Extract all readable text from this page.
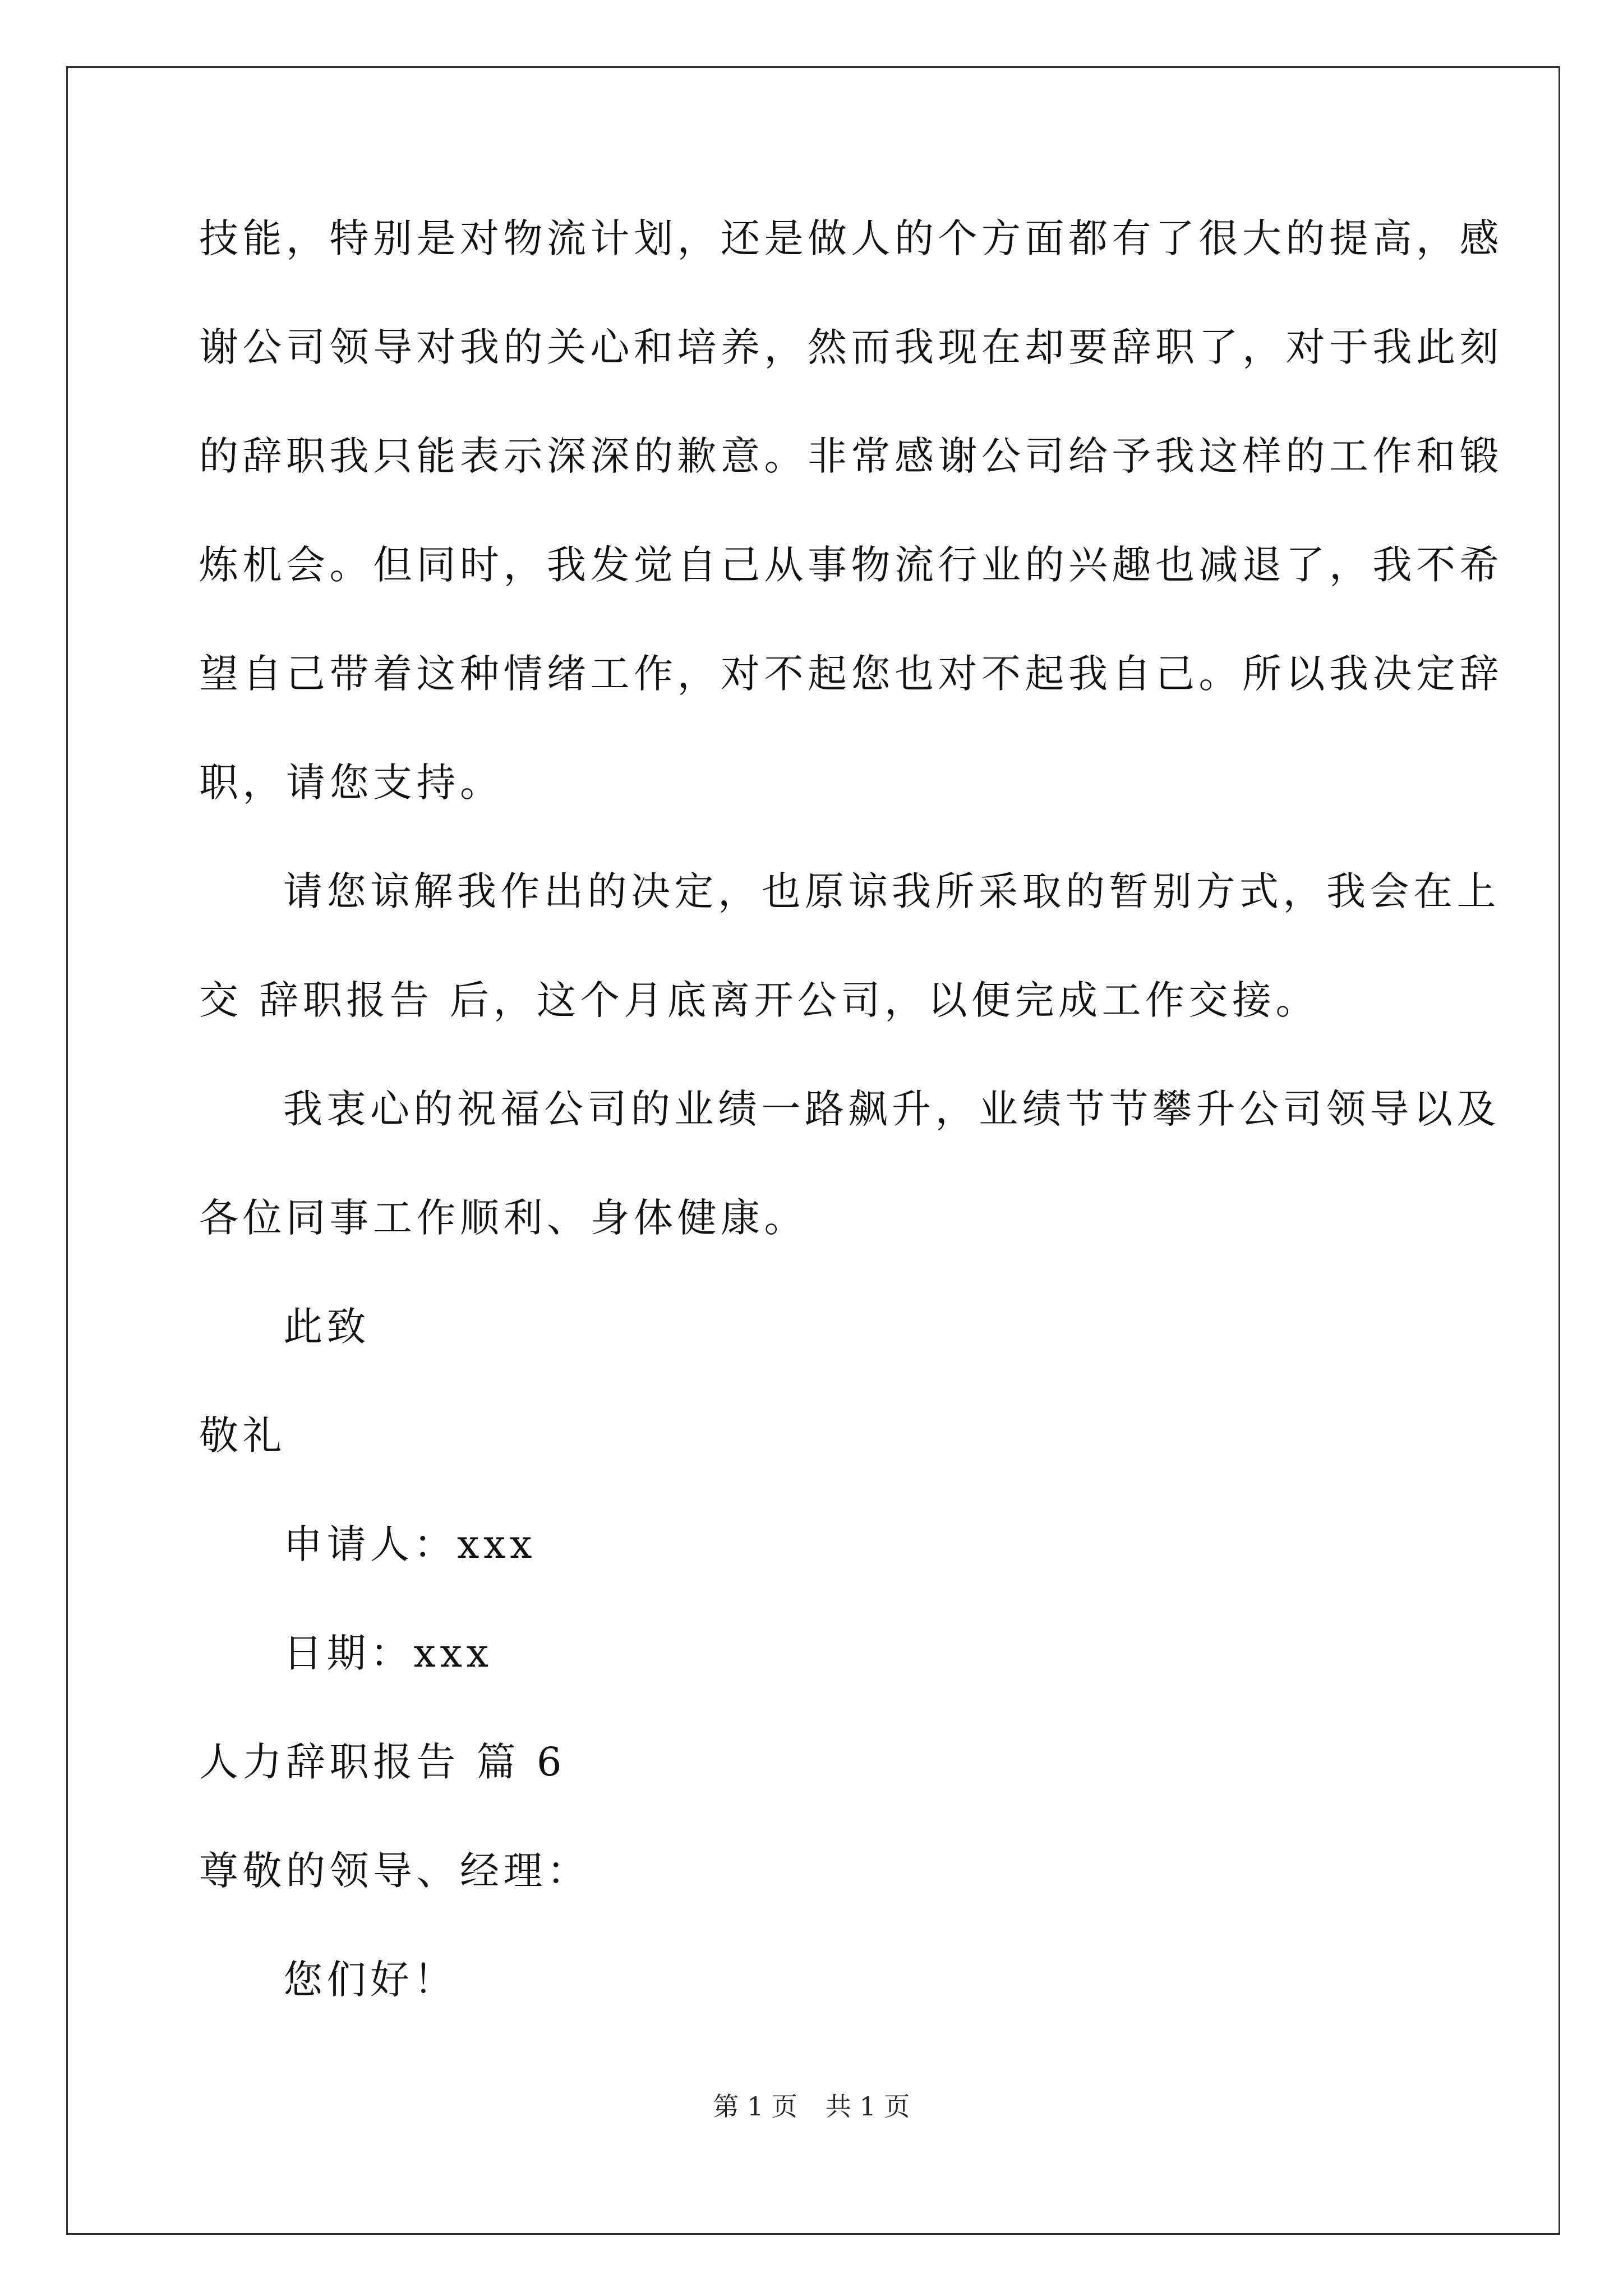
技能，特别是对物流计划，还是做人的个方面都有了很大的提高，感
谢公司领导对我的关心和培养，然而我现在却要辞职了，对于我此刻
的辞职我只能表示深深的歉意。非常感谢公司给予我这样的工作和锻
炼机会。但同时，我发觉自己从事物流行业的兴趣也减退了，我不希
望自己带着这种情绪工作，对不起您也对不起我自己。所以我决定辞
职，请您支持。
请您谅解我作出的决定，也原谅我所采取的暂别方式，我会在上
交 辞职报告 后，这个月底离开公司，以便完成工作交接。
我衷心的祝福公司的业绩一路飙升，业绩节节攀升公司领导以及
各位同事工作顺利、身体健康。
此致
敬礼
申请人：xxx
日期：xxx
人力辞职报告 篇 6
尊敬的领导、经理：
您们好！
第 1 页 共 1 页
